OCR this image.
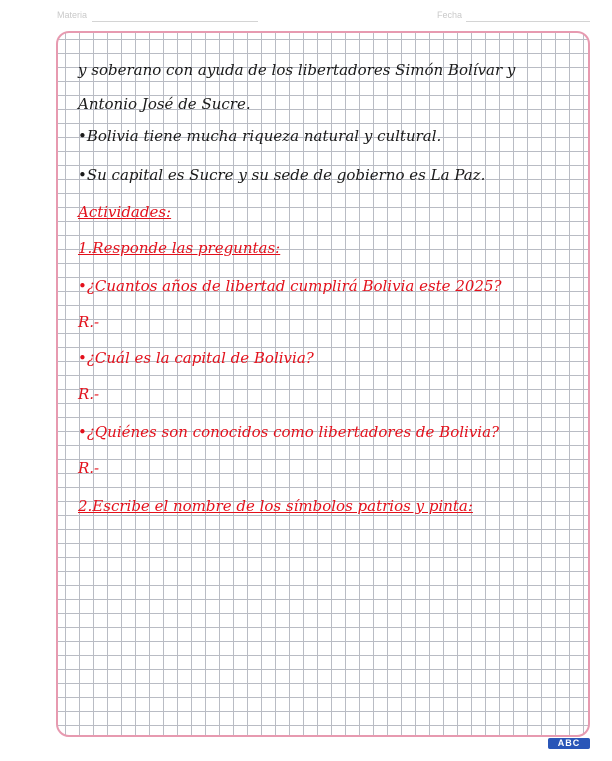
Materia	Fecha
y soberano con ayuda de los libertadores Simón Bolívar y
Antonio José de Sucre.
•Bolivia tiene mucha riqueza natural y cultural.
•Su capital es Sucre y su sede de gobierno es La Paz.
Actividades:
1.Responde las preguntas:
•¿Cuantos años de libertad cumplirá Bolivia este 2025?
R.-
•¿Cuál es la capital de Bolivia?
R.-
•¿Quiénes son conocidos como libertadores de Bolivia?
R.-
2.Escribe el nombre de los símbolos patrios y pinta:
ABC
